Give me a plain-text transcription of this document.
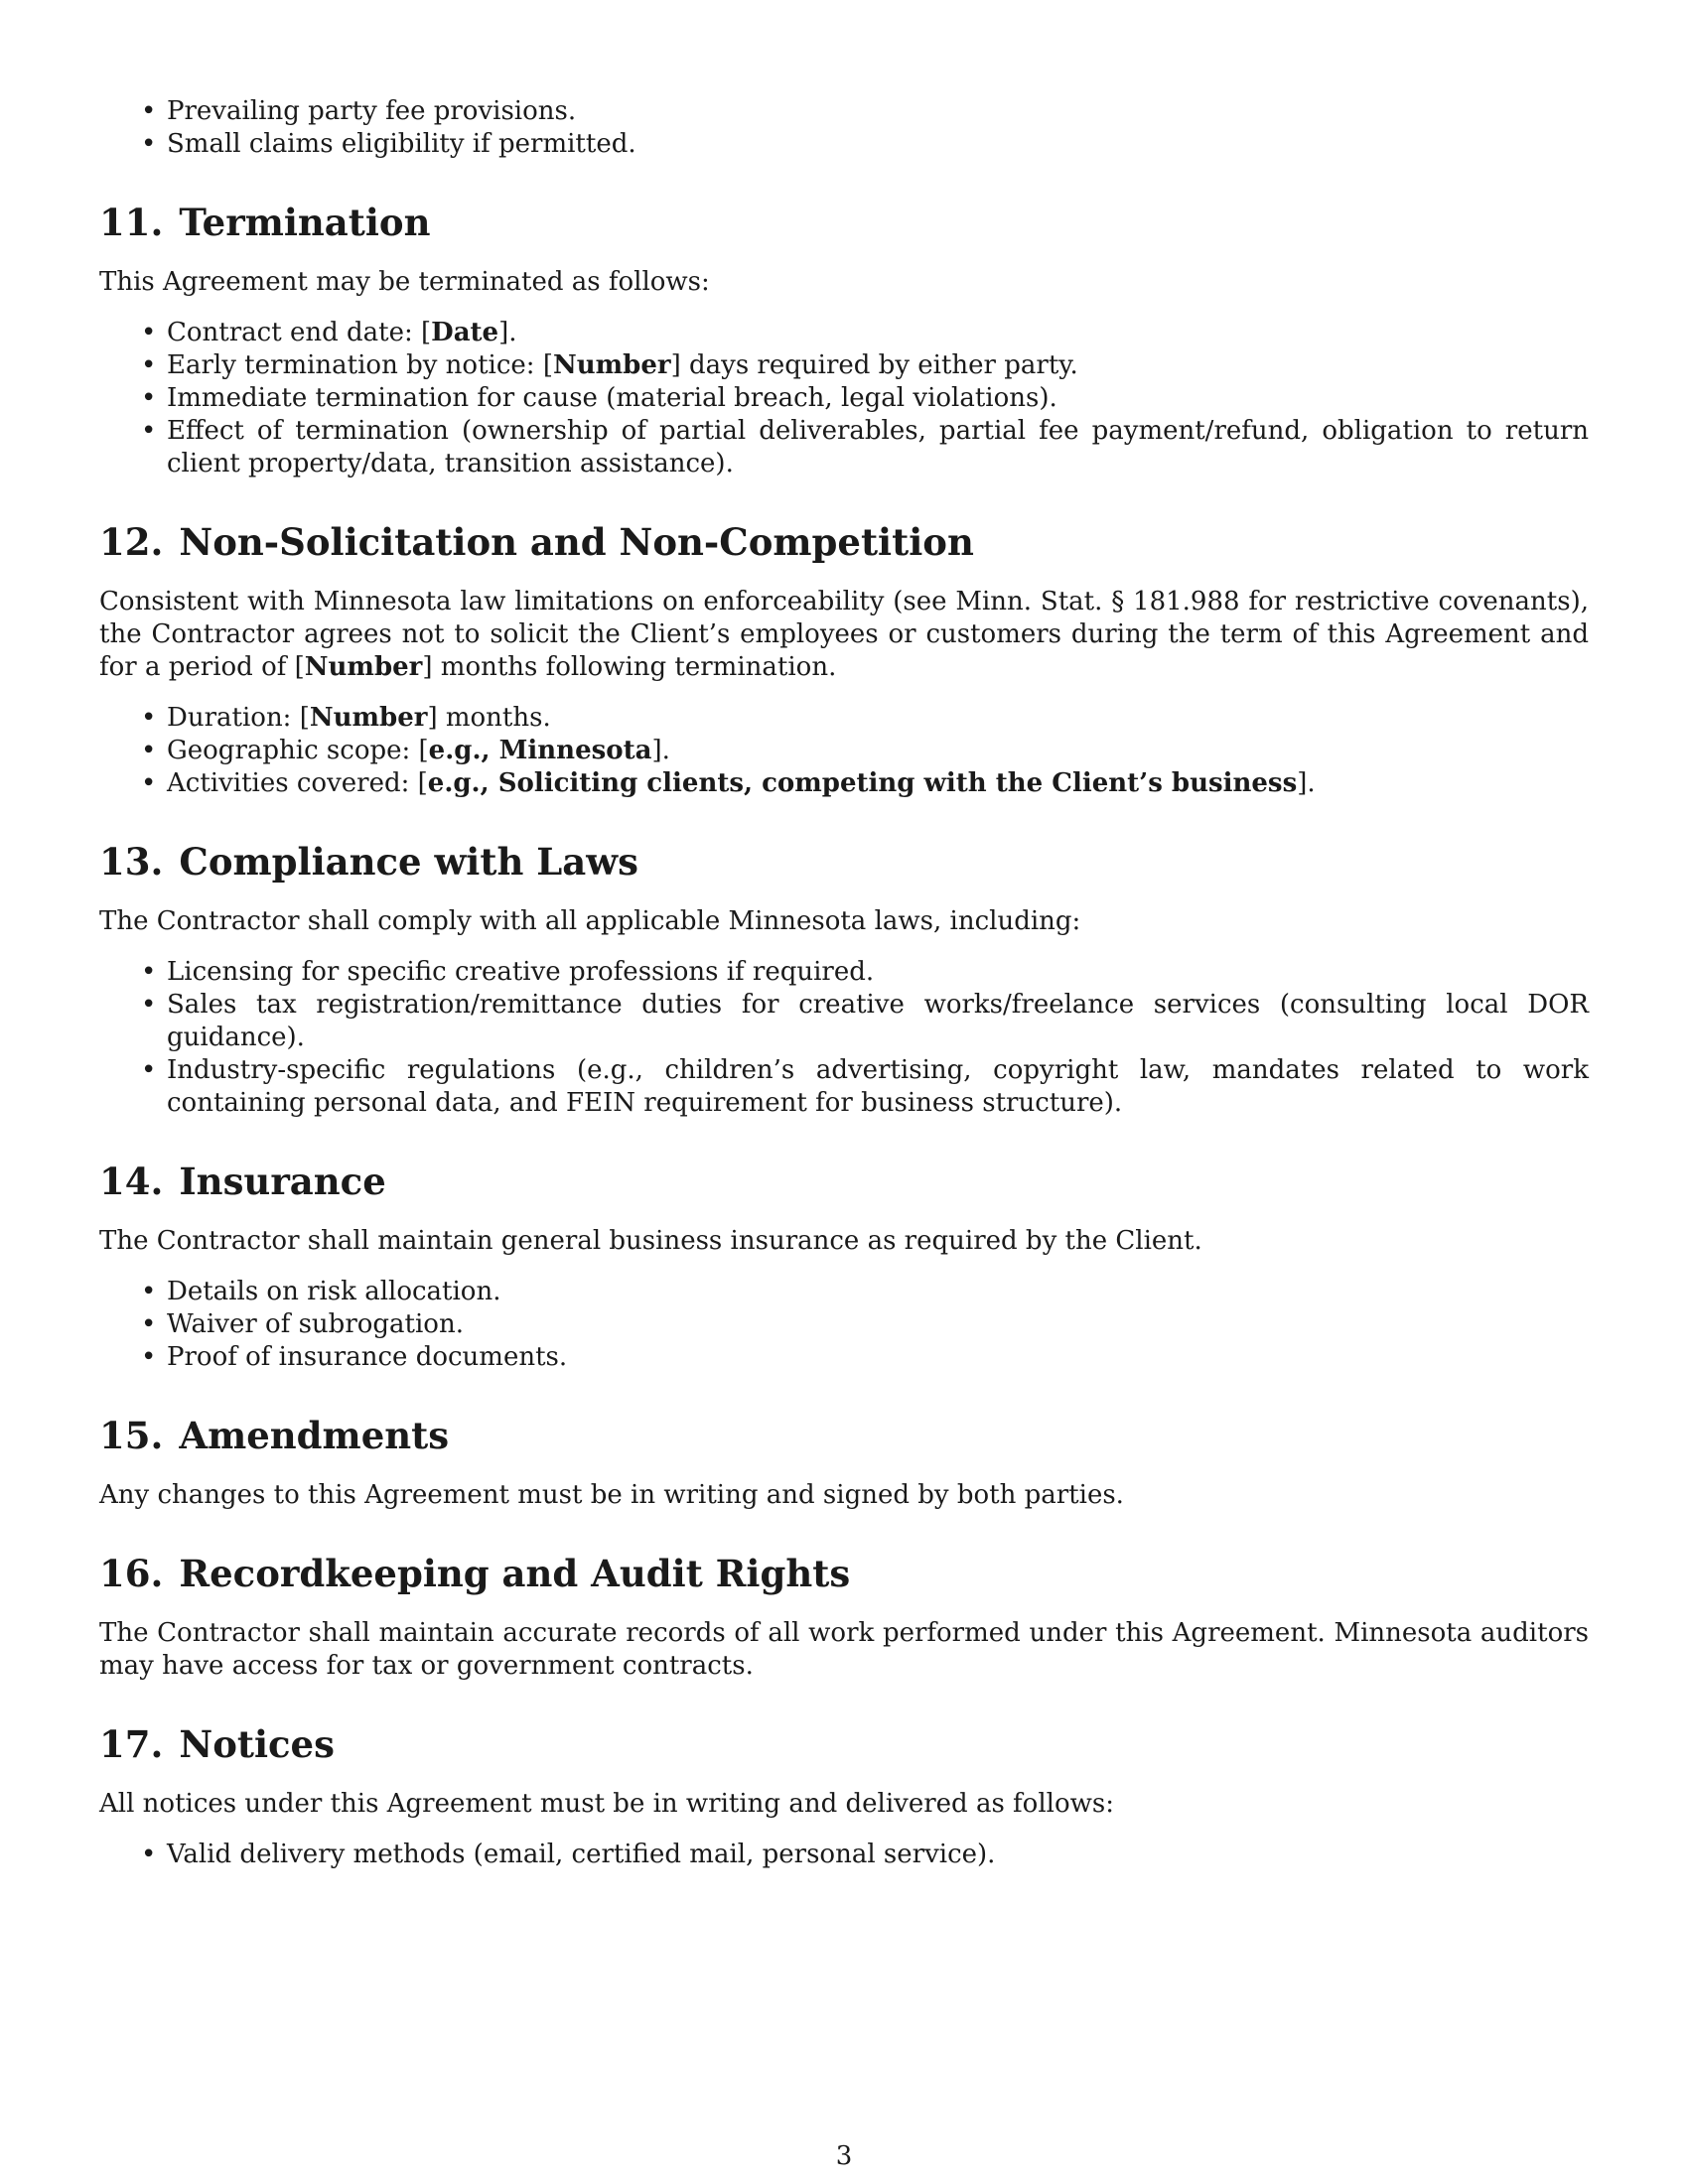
• Prevailing party fee provisions.
• Small claims eligibility if permitted.
11. Termination

This Agreement may be terminated as follows:

• Contract end date: [Date].
• Early termination by notice: [Number] days required by either party.
• Immediate termination for cause (material breach, legal violations).
• Effect of termination (ownership of partial deliverables, partial fee payment/refund, obligation to return client property/data, transition assistance).
12. Non-Solicitation and Non-Competition

Consistent with Minnesota law limitations on enforceability (see Minn. Stat. § 181.988 for restrictive covenants), the Contractor agrees not to solicit the Client’s employees or customers during the term of this Agreement and for a period of [Number] months following termination.

• Duration: [Number] months.
• Geographic scope: [e.g., Minnesota].
• Activities covered: [e.g., Soliciting clients, competing with the Client’s business].
13. Compliance with Laws

The Contractor shall comply with all applicable Minnesota laws, including:

• Licensing for specific creative professions if required.
• Sales tax registration/remittance duties for creative works/freelance services (consulting local DOR guidance).
• Industry-specific regulations (e.g., children’s advertising, copyright law, mandates related to work containing personal data, and FEIN requirement for business structure).
14. Insurance

The Contractor shall maintain general business insurance as required by the Client.

• Details on risk allocation.
• Waiver of subrogation.
• Proof of insurance documents.
15. Amendments

Any changes to this Agreement must be in writing and signed by both parties.

16. Recordkeeping and Audit Rights

The Contractor shall maintain accurate records of all work performed under this Agreement. Minnesota auditors may have access for tax or government contracts.

17. Notices

All notices under this Agreement must be in writing and delivered as follows:

• Valid delivery methods (email, certified mail, personal service).
3
